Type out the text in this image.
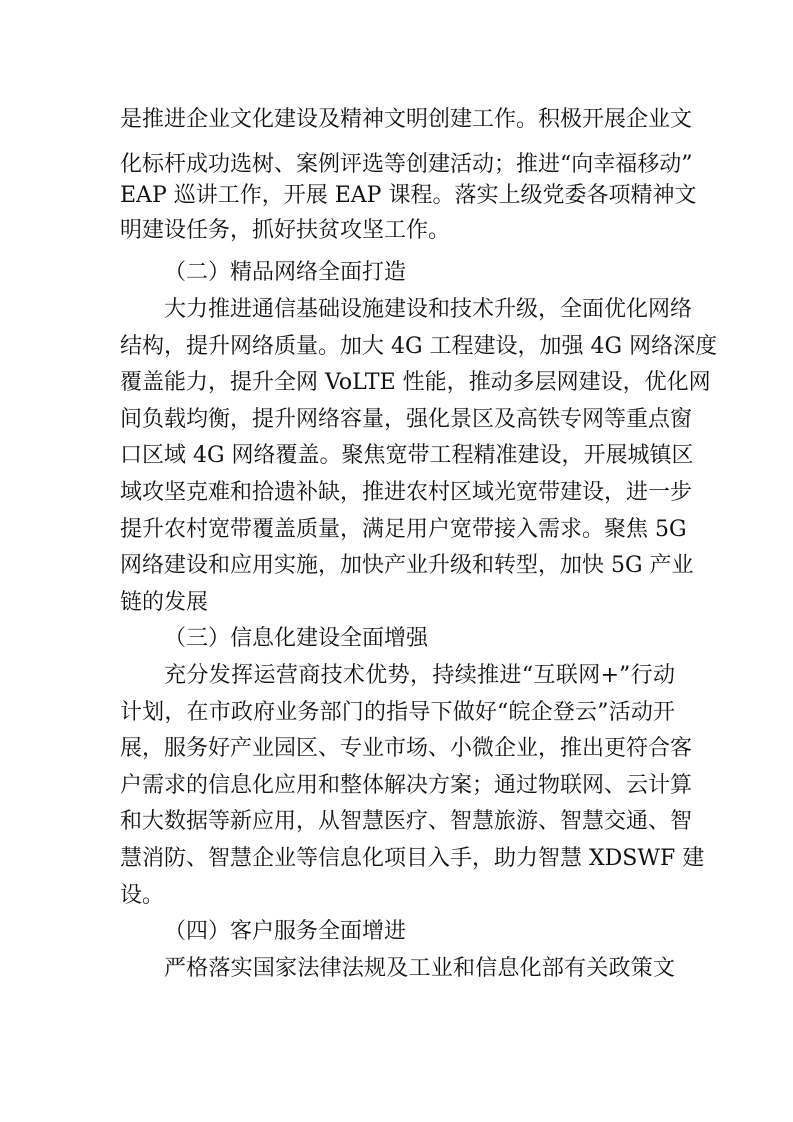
是推进企业文化建设及精神文明创建工作。积极开展企业文
化标杆成功选树、案例评选等创建活动；推进“向幸福移动”
EAP 巡讲工作，开展 EAP 课程。落实上级党委各项精神文
明建设任务，抓好扶贫攻坚工作。
（二）精品网络全面打造
大力推进通信基础设施建设和技术升级，全面优化网络
结构，提升网络质量。加大 4G 工程建设，加强 4G 网络深度
覆盖能力，提升全网 VoLTE 性能，推动多层网建设，优化网
间负载均衡，提升网络容量，强化景区及高铁专网等重点窗
口区域 4G 网络覆盖。聚焦宽带工程精准建设，开展城镇区
域攻坚克难和拾遗补缺，推进农村区域光宽带建设，进一步
提升农村宽带覆盖质量，满足用户宽带接入需求。聚焦 5G
网络建设和应用实施，加快产业升级和转型，加快 5G 产业
链的发展
（三）信息化建设全面增强
充分发挥运营商技术优势，持续推进“互联网+”行动
计划，在市政府业务部门的指导下做好“皖企登云”活动开
展，服务好产业园区、专业市场、小微企业，推出更符合客
户需求的信息化应用和整体解决方案；通过物联网、云计算
和大数据等新应用，从智慧医疗、智慧旅游、智慧交通、智
慧消防、智慧企业等信息化项目入手，助力智慧 XDSWF 建
设。
（四）客户服务全面增进
严格落实国家法律法规及工业和信息化部有关政策文
